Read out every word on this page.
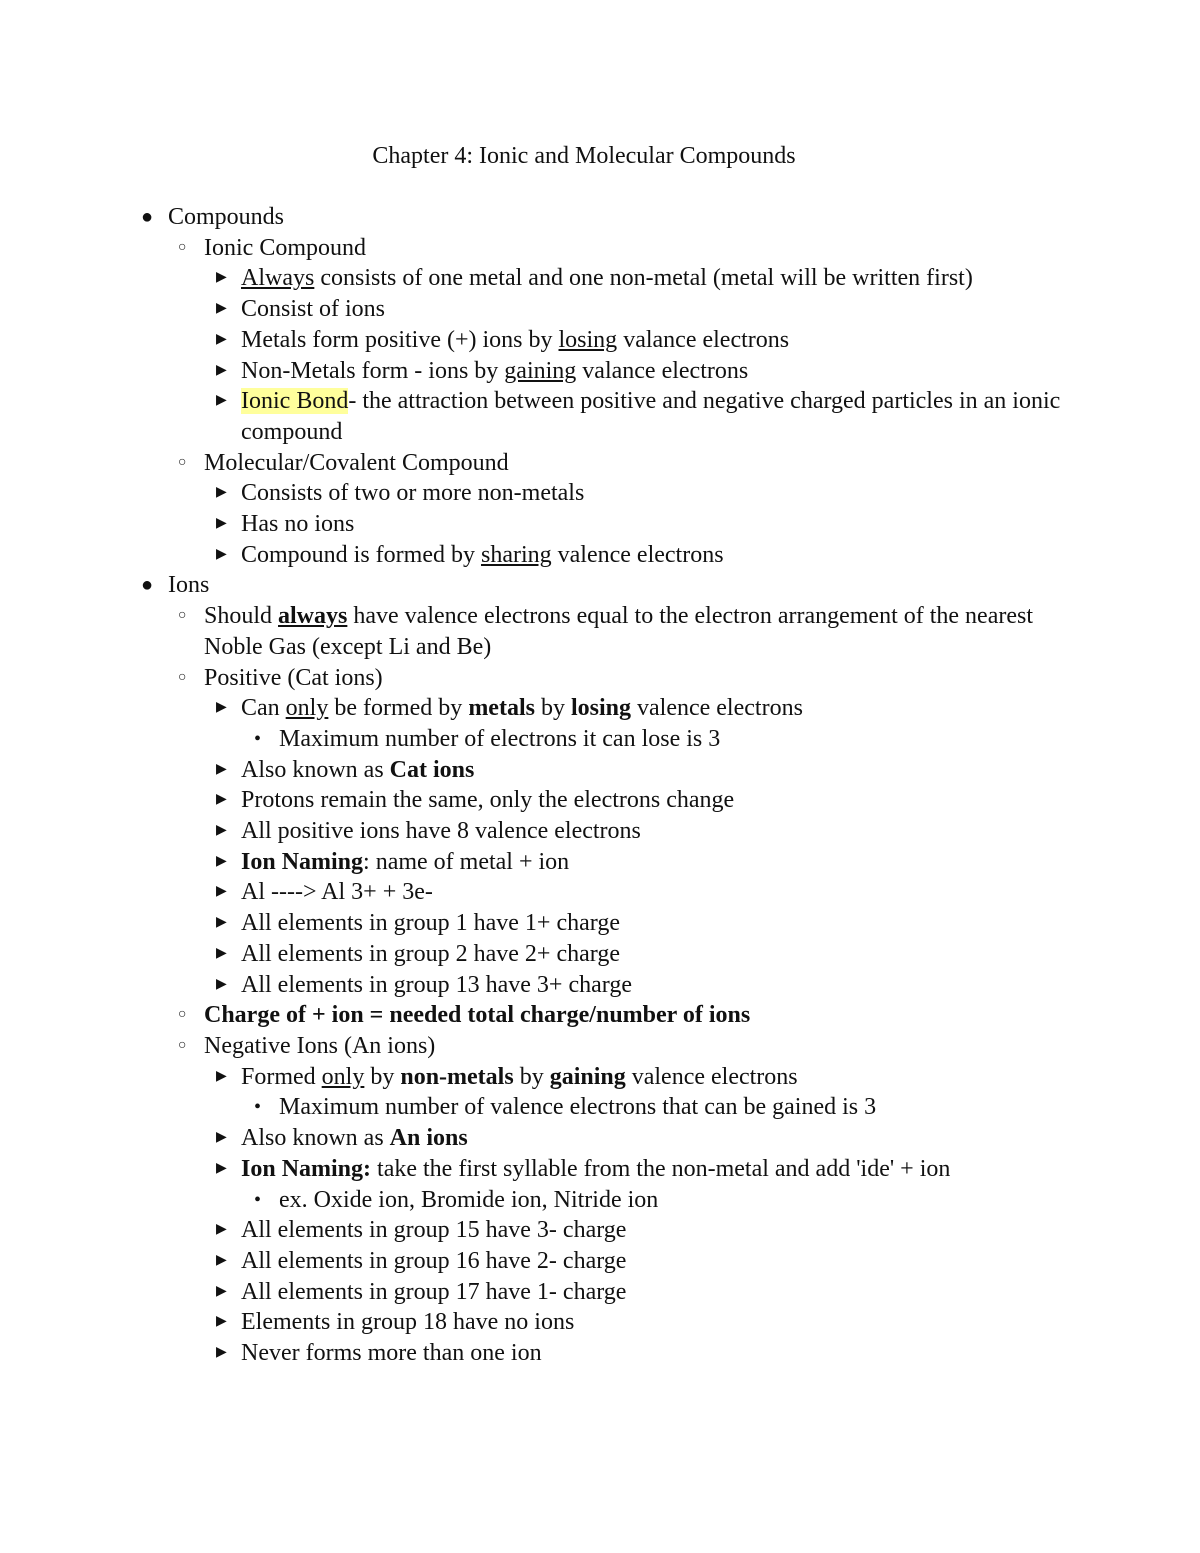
Chapter 4: Ionic and Molecular Compounds
● Compounds
○ Ionic Compound
▶ Always consists of one metal and one non-metal (metal will be written first)
▶ Consist of ions
▶ Metals form positive (+) ions by losing valance electrons
▶ Non-Metals form - ions by gaining valance electrons
▶ Ionic Bond- the attraction between positive and negative charged particles in an ionic compound
○ Molecular/Covalent Compound
▶ Consists of two or more non-metals
▶ Has no ions
▶ Compound is formed by sharing valence electrons
● Ions
○ Should always have valence electrons equal to the electron arrangement of the nearest Noble Gas (except Li and Be)
○ Positive (Cat ions)
▶ Can only be formed by metals by losing valence electrons
• Maximum number of electrons it can lose is 3
▶ Also known as Cat ions
▶ Protons remain the same, only the electrons change
▶ All positive ions have 8 valence electrons
▶ Ion Naming: name of metal + ion
▶ Al ----> Al 3+ + 3e-
▶ All elements in group 1 have 1+ charge
▶ All elements in group 2 have 2+ charge
▶ All elements in group 13 have 3+ charge
○ Charge of + ion = needed total charge/number of ions
○ Negative Ions (An ions)
▶ Formed only by non-metals by gaining valence electrons
• Maximum number of valence electrons that can be gained is 3
▶ Also known as An ions
▶ Ion Naming: take the first syllable from the non-metal and add 'ide' + ion
• ex. Oxide ion, Bromide ion, Nitride ion
▶ All elements in group 15 have 3- charge
▶ All elements in group 16 have 2- charge
▶ All elements in group 17 have 1- charge
▶ Elements in group 18 have no ions
▶ Never forms more than one ion
